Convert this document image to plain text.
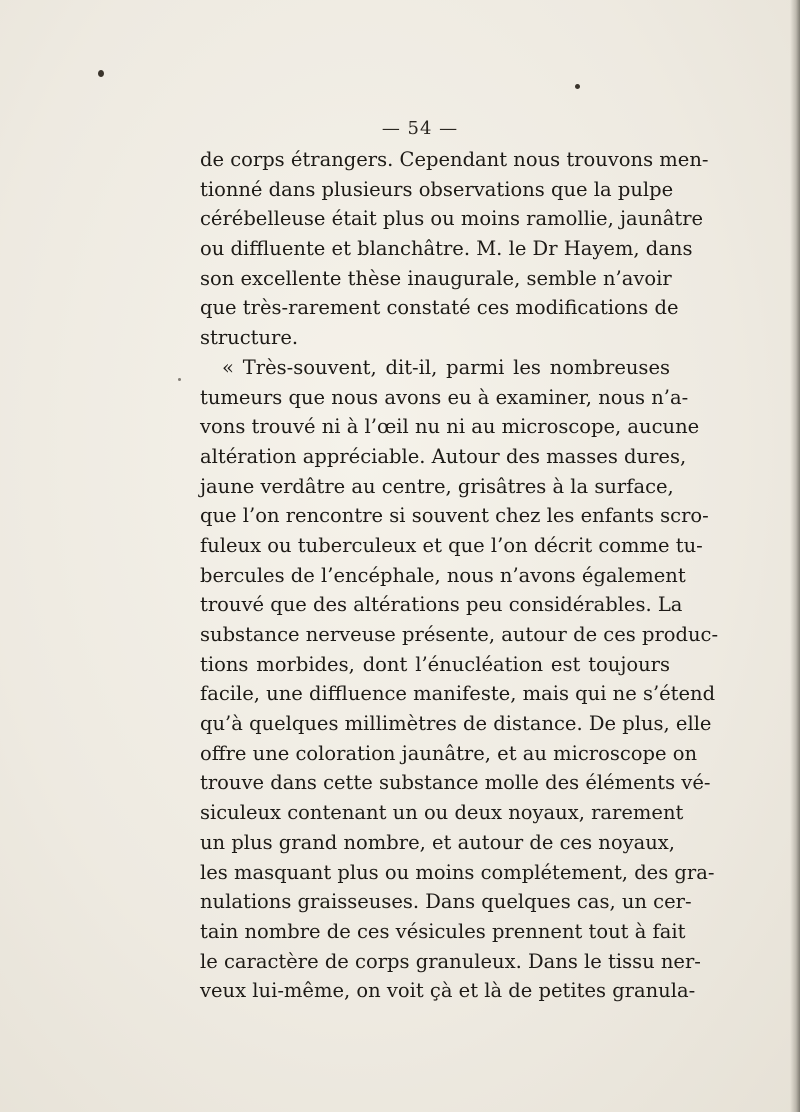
— 54 —
de corps étrangers. Cependant nous trouvons men-
tionné dans plusieurs observations que la pulpe
cérébelleuse était plus ou moins ramollie, jaunâtre
ou diffluente et blanchâtre. M. le Dr Hayem, dans
son excellente thèse inaugurale, semble n’avoir
que très-rarement constaté ces modifications de
structure.
« Très-souvent, dit-il, parmi les nombreuses
tumeurs que nous avons eu à examiner, nous n’a-
vons trouvé ni à l’œil nu ni au microscope, aucune
altération appréciable. Autour des masses dures,
jaune verdâtre au centre, grisâtres à la surface,
que l’on rencontre si souvent chez les enfants scro-
fuleux ou tuberculeux et que l’on décrit comme tu-
bercules de l’encéphale, nous n’avons également
trouvé que des altérations peu considérables. La
substance nerveuse présente, autour de ces produc-
tions morbides, dont l’énucléation est toujours
facile, une diffluence manifeste, mais qui ne s’étend
qu’à quelques millimètres de distance. De plus, elle
offre une coloration jaunâtre, et au microscope on
trouve dans cette substance molle des éléments vé-
siculeux contenant un ou deux noyaux, rarement
un plus grand nombre, et autour de ces noyaux,
les masquant plus ou moins complétement, des gra-
nulations graisseuses. Dans quelques cas, un cer-
tain nombre de ces vésicules prennent tout à fait
le caractère de corps granuleux. Dans le tissu ner-
veux lui-même, on voit çà et là de petites granula-
